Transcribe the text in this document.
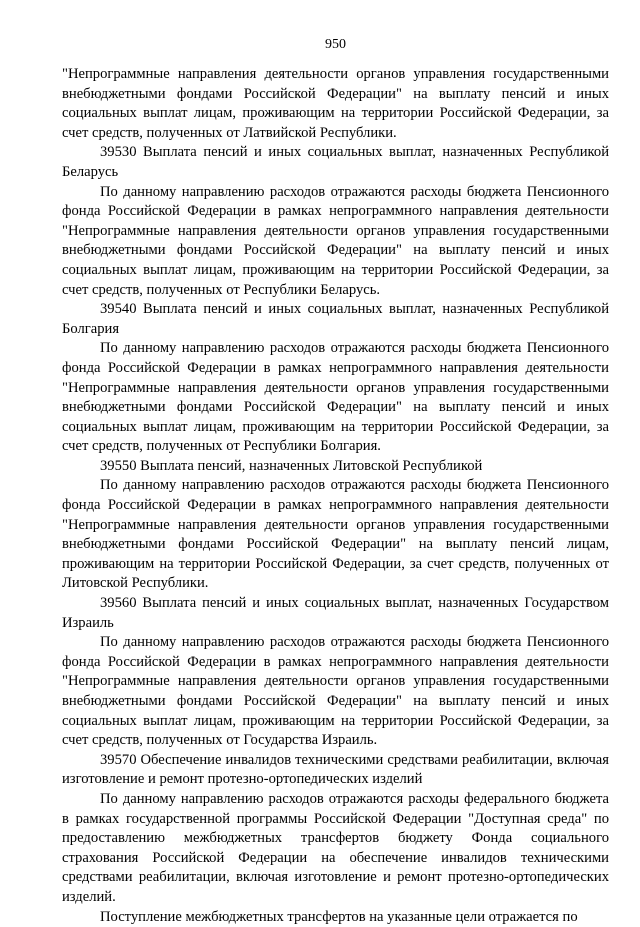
950

"Непрограммные направления деятельности органов управления государственными внебюджетными фондами Российской Федерации" на выплату пенсий и иных социальных выплат лицам, проживающим на территории Российской Федерации, за счет средств, полученных от Латвийской Республики.

39530 Выплата пенсий и иных социальных выплат, назначенных Республикой Беларусь

По данному направлению расходов отражаются расходы бюджета Пенсионного фонда Российской Федерации в рамках непрограммного направления деятельности "Непрограммные направления деятельности органов управления государственными внебюджетными фондами Российской Федерации" на выплату пенсий и иных социальных выплат лицам, проживающим на территории Российской Федерации, за счет средств, полученных от Республики Беларусь.

39540 Выплата пенсий и иных социальных выплат, назначенных Республикой Болгария

По данному направлению расходов отражаются расходы бюджета Пенсионного фонда Российской Федерации в рамках непрограммного направления деятельности "Непрограммные направления деятельности органов управления государственными внебюджетными фондами Российской Федерации" на выплату пенсий и иных социальных выплат лицам, проживающим на территории Российской Федерации, за счет средств, полученных от Республики Болгария.

39550 Выплата пенсий, назначенных Литовской Республикой

По данному направлению расходов отражаются расходы бюджета Пенсионного фонда Российской Федерации в рамках непрограммного направления деятельности "Непрограммные направления деятельности органов управления государственными внебюджетными фондами Российской Федерации" на выплату пенсий лицам, проживающим на территории Российской Федерации, за счет средств, полученных от Литовской Республики.

39560 Выплата пенсий и иных социальных выплат, назначенных Государством Израиль

По данному направлению расходов отражаются расходы бюджета Пенсионного фонда Российской Федерации в рамках непрограммного направления деятельности "Непрограммные направления деятельности органов управления государственными внебюджетными фондами Российской Федерации" на выплату пенсий и иных социальных выплат лицам, проживающим на территории Российской Федерации, за счет средств, полученных от Государства Израиль.

39570 Обеспечение инвалидов техническими средствами реабилитации, включая изготовление и ремонт протезно-ортопедических изделий

По данному направлению расходов отражаются расходы федерального бюджета в рамках государственной программы Российской Федерации "Доступная среда" по предоставлению межбюджетных трансфертов бюджету Фонда социального страхования Российской Федерации на обеспечение инвалидов техническими средствами реабилитации, включая изготовление и ремонт протезно-ортопедических изделий.

Поступление межбюджетных трансфертов на указанные цели отражается по
